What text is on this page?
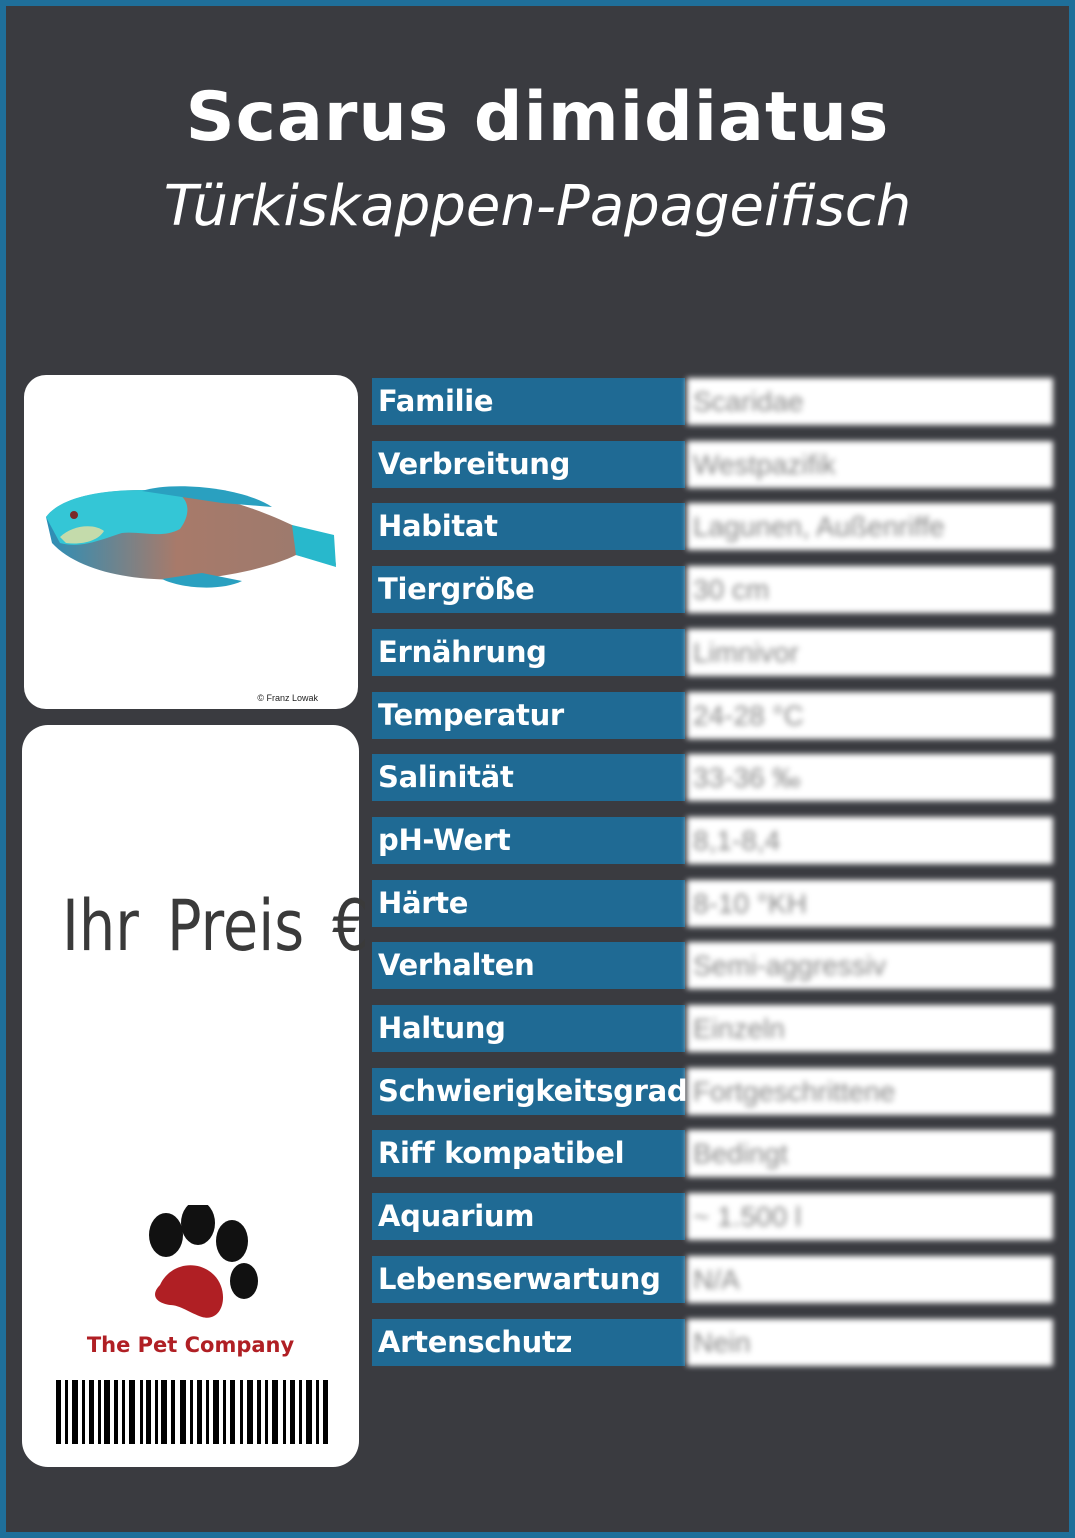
Scarus dimidiatus
Türkiskappen-Papageifisch
© Franz Lowak
Ihr Preis €
The Pet Company
Familie	Scaridae
Verbreitung	Westpazifik
Habitat	Lagunen, Außenriffe
Tiergröße	30 cm
Ernährung	Limnivor
Temperatur	24-28 °C
Salinität	33-36 ‰
pH-Wert	8,1-8,4
Härte	8-10 °KH
Verhalten	Semi-aggressiv
Haltung	Einzeln
Schwierigkeitsgrad Fortgeschrittene
Riff kompatibel	Bedingt
Aquarium	~ 1.500 l
Lebenserwartung	N/A
Artenschutz	Nein
